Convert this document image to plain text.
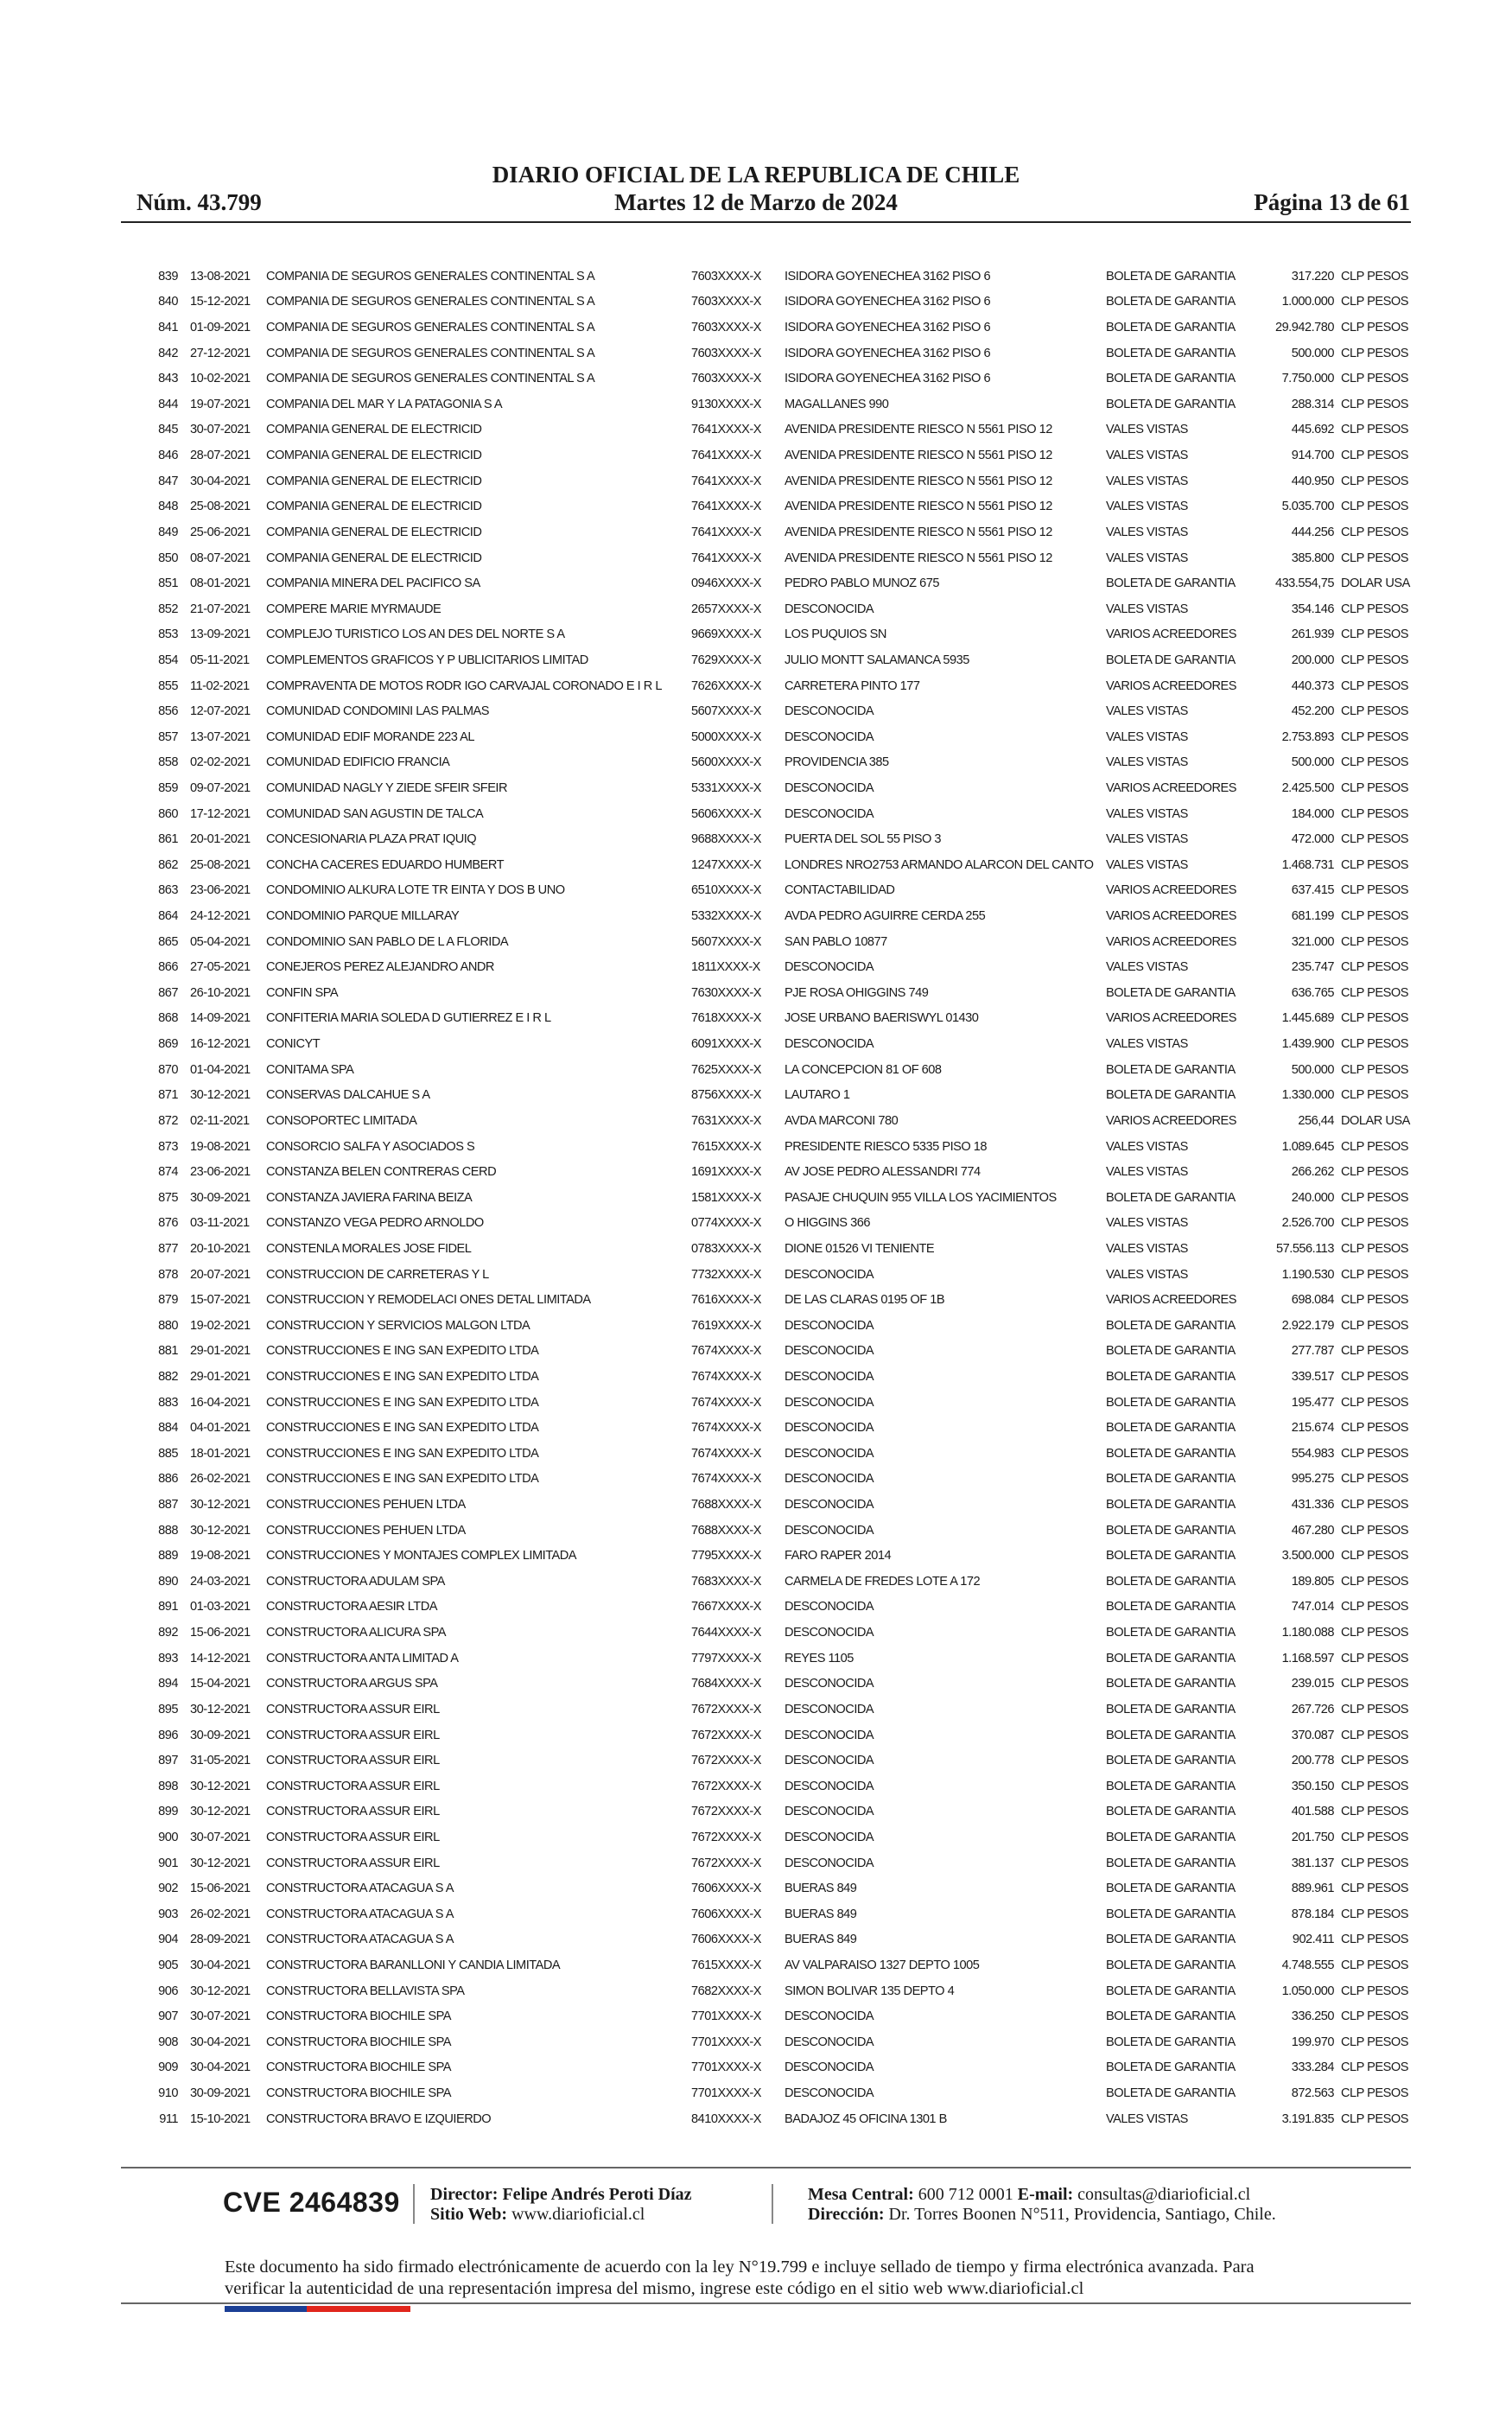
DIARIO OFICIAL DE LA REPUBLICA DE CHILE
Núm. 43.799	Martes 12 de Marzo de 2024	Página 13 de 61
839	13-08-2021	COMPANIA DE SEGUROS GENERALES CONTINENTAL S A	7603XXXX-X	ISIDORA GOYENECHEA 3162 PISO 6	BOLETA DE GARANTIA	317.220	CLP PESOS
840	15-12-2021	COMPANIA DE SEGUROS GENERALES CONTINENTAL S A	7603XXXX-X	ISIDORA GOYENECHEA 3162 PISO 6	BOLETA DE GARANTIA	1.000.000	CLP PESOS
841	01-09-2021	COMPANIA DE SEGUROS GENERALES CONTINENTAL S A	7603XXXX-X	ISIDORA GOYENECHEA 3162 PISO 6	BOLETA DE GARANTIA	29.942.780	CLP PESOS
842	27-12-2021	COMPANIA DE SEGUROS GENERALES CONTINENTAL S A	7603XXXX-X	ISIDORA GOYENECHEA 3162 PISO 6	BOLETA DE GARANTIA	500.000	CLP PESOS
843	10-02-2021	COMPANIA DE SEGUROS GENERALES CONTINENTAL S A	7603XXXX-X	ISIDORA GOYENECHEA 3162 PISO 6	BOLETA DE GARANTIA	7.750.000	CLP PESOS
844	19-07-2021	COMPANIA DEL MAR Y LA PATAGONIA S A	9130XXXX-X	MAGALLANES 990	BOLETA DE GARANTIA	288.314	CLP PESOS
845	30-07-2021	COMPANIA GENERAL DE ELECTRICID	7641XXXX-X	AVENIDA PRESIDENTE RIESCO N 5561 PISO 12	VALES VISTAS	445.692	CLP PESOS
846	28-07-2021	COMPANIA GENERAL DE ELECTRICID	7641XXXX-X	AVENIDA PRESIDENTE RIESCO N 5561 PISO 12	VALES VISTAS	914.700	CLP PESOS
847	30-04-2021	COMPANIA GENERAL DE ELECTRICID	7641XXXX-X	AVENIDA PRESIDENTE RIESCO N 5561 PISO 12	VALES VISTAS	440.950	CLP PESOS
848	25-08-2021	COMPANIA GENERAL DE ELECTRICID	7641XXXX-X	AVENIDA PRESIDENTE RIESCO N 5561 PISO 12	VALES VISTAS	5.035.700	CLP PESOS
849	25-06-2021	COMPANIA GENERAL DE ELECTRICID	7641XXXX-X	AVENIDA PRESIDENTE RIESCO N 5561 PISO 12	VALES VISTAS	444.256	CLP PESOS
850	08-07-2021	COMPANIA GENERAL DE ELECTRICID	7641XXXX-X	AVENIDA PRESIDENTE RIESCO N 5561 PISO 12	VALES VISTAS	385.800	CLP PESOS
851	08-01-2021	COMPANIA MINERA DEL PACIFICO SA	0946XXXX-X	PEDRO PABLO MUNOZ 675	BOLETA DE GARANTIA	433.554,75	DOLAR USA
852	21-07-2021	COMPERE MARIE MYRMAUDE	2657XXXX-X	DESCONOCIDA	VALES VISTAS	354.146	CLP PESOS
853	13-09-2021	COMPLEJO TURISTICO LOS AN DES DEL NORTE S A	9669XXXX-X	LOS PUQUIOS SN	VARIOS ACREEDORES	261.939	CLP PESOS
854	05-11-2021	COMPLEMENTOS GRAFICOS Y P UBLICITARIOS LIMITAD	7629XXXX-X	JULIO MONTT SALAMANCA 5935	BOLETA DE GARANTIA	200.000	CLP PESOS
855	11-02-2021	COMPRAVENTA DE MOTOS RODR IGO CARVAJAL CORONADO E I R L	7626XXXX-X	CARRETERA PINTO 177	VARIOS ACREEDORES	440.373	CLP PESOS
856	12-07-2021	COMUNIDAD CONDOMINI LAS PALMAS	5607XXXX-X	DESCONOCIDA	VALES VISTAS	452.200	CLP PESOS
857	13-07-2021	COMUNIDAD EDIF MORANDE 223 AL	5000XXXX-X	DESCONOCIDA	VALES VISTAS	2.753.893	CLP PESOS
858	02-02-2021	COMUNIDAD EDIFICIO FRANCIA	5600XXXX-X	PROVIDENCIA 385	VALES VISTAS	500.000	CLP PESOS
859	09-07-2021	COMUNIDAD NAGLY Y ZIEDE SFEIR SFEIR	5331XXXX-X	DESCONOCIDA	VARIOS ACREEDORES	2.425.500	CLP PESOS
860	17-12-2021	COMUNIDAD SAN AGUSTIN DE TALCA	5606XXXX-X	DESCONOCIDA	VALES VISTAS	184.000	CLP PESOS
861	20-01-2021	CONCESIONARIA PLAZA PRAT IQUIQ	9688XXXX-X	PUERTA DEL SOL 55 PISO 3	VALES VISTAS	472.000	CLP PESOS
862	25-08-2021	CONCHA CACERES EDUARDO HUMBERT	1247XXXX-X	LONDRES NRO2753 ARMANDO ALARCON DEL CANTO	VALES VISTAS	1.468.731	CLP PESOS
863	23-06-2021	CONDOMINIO ALKURA LOTE TR EINTA Y DOS B UNO	6510XXXX-X	CONTACTABILIDAD	VARIOS ACREEDORES	637.415	CLP PESOS
864	24-12-2021	CONDOMINIO PARQUE MILLARAY	5332XXXX-X	AVDA PEDRO AGUIRRE CERDA 255	VARIOS ACREEDORES	681.199	CLP PESOS
865	05-04-2021	CONDOMINIO SAN PABLO DE L A FLORIDA	5607XXXX-X	SAN PABLO 10877	VARIOS ACREEDORES	321.000	CLP PESOS
866	27-05-2021	CONEJEROS PEREZ ALEJANDRO ANDR	1811XXXX-X	DESCONOCIDA	VALES VISTAS	235.747	CLP PESOS
867	26-10-2021	CONFIN SPA	7630XXXX-X	PJE ROSA OHIGGINS 749	BOLETA DE GARANTIA	636.765	CLP PESOS
868	14-09-2021	CONFITERIA MARIA SOLEDA D GUTIERREZ E I R L	7618XXXX-X	JOSE URBANO BAERISWYL 01430	VARIOS ACREEDORES	1.445.689	CLP PESOS
869	16-12-2021	CONICYT	6091XXXX-X	DESCONOCIDA	VALES VISTAS	1.439.900	CLP PESOS
870	01-04-2021	CONITAMA SPA	7625XXXX-X	LA CONCEPCION 81 OF 608	BOLETA DE GARANTIA	500.000	CLP PESOS
871	30-12-2021	CONSERVAS DALCAHUE S A	8756XXXX-X	LAUTARO 1	BOLETA DE GARANTIA	1.330.000	CLP PESOS
872	02-11-2021	CONSOPORTEC LIMITADA	7631XXXX-X	AVDA MARCONI 780	VARIOS ACREEDORES	256,44	DOLAR USA
873	19-08-2021	CONSORCIO SALFA Y ASOCIADOS S	7615XXXX-X	PRESIDENTE RIESCO 5335 PISO 18	VALES VISTAS	1.089.645	CLP PESOS
874	23-06-2021	CONSTANZA BELEN CONTRERAS CERD	1691XXXX-X	AV JOSE PEDRO ALESSANDRI 774	VALES VISTAS	266.262	CLP PESOS
875	30-09-2021	CONSTANZA JAVIERA FARINA BEIZA	1581XXXX-X	PASAJE CHUQUIN 955 VILLA LOS YACIMIENTOS	BOLETA DE GARANTIA	240.000	CLP PESOS
876	03-11-2021	CONSTANZO VEGA PEDRO ARNOLDO	0774XXXX-X	O HIGGINS 366	VALES VISTAS	2.526.700	CLP PESOS
877	20-10-2021	CONSTENLA MORALES JOSE FIDEL	0783XXXX-X	DIONE 01526 VI TENIENTE	VALES VISTAS	57.556.113	CLP PESOS
878	20-07-2021	CONSTRUCCION DE CARRETERAS Y L	7732XXXX-X	DESCONOCIDA	VALES VISTAS	1.190.530	CLP PESOS
879	15-07-2021	CONSTRUCCION Y REMODELACI ONES DETAL LIMITADA	7616XXXX-X	DE LAS CLARAS 0195 OF 1B	VARIOS ACREEDORES	698.084	CLP PESOS
880	19-02-2021	CONSTRUCCION Y SERVICIOS MALGON LTDA	7619XXXX-X	DESCONOCIDA	BOLETA DE GARANTIA	2.922.179	CLP PESOS
881	29-01-2021	CONSTRUCCIONES E ING SAN EXPEDITO LTDA	7674XXXX-X	DESCONOCIDA	BOLETA DE GARANTIA	277.787	CLP PESOS
882	29-01-2021	CONSTRUCCIONES E ING SAN EXPEDITO LTDA	7674XXXX-X	DESCONOCIDA	BOLETA DE GARANTIA	339.517	CLP PESOS
883	16-04-2021	CONSTRUCCIONES E ING SAN EXPEDITO LTDA	7674XXXX-X	DESCONOCIDA	BOLETA DE GARANTIA	195.477	CLP PESOS
884	04-01-2021	CONSTRUCCIONES E ING SAN EXPEDITO LTDA	7674XXXX-X	DESCONOCIDA	BOLETA DE GARANTIA	215.674	CLP PESOS
885	18-01-2021	CONSTRUCCIONES E ING SAN EXPEDITO LTDA	7674XXXX-X	DESCONOCIDA	BOLETA DE GARANTIA	554.983	CLP PESOS
886	26-02-2021	CONSTRUCCIONES E ING SAN EXPEDITO LTDA	7674XXXX-X	DESCONOCIDA	BOLETA DE GARANTIA	995.275	CLP PESOS
887	30-12-2021	CONSTRUCCIONES PEHUEN LTDA	7688XXXX-X	DESCONOCIDA	BOLETA DE GARANTIA	431.336	CLP PESOS
888	30-12-2021	CONSTRUCCIONES PEHUEN LTDA	7688XXXX-X	DESCONOCIDA	BOLETA DE GARANTIA	467.280	CLP PESOS
889	19-08-2021	CONSTRUCCIONES Y MONTAJES COMPLEX LIMITADA	7795XXXX-X	FARO RAPER 2014	BOLETA DE GARANTIA	3.500.000	CLP PESOS
890	24-03-2021	CONSTRUCTORA ADULAM SPA	7683XXXX-X	CARMELA DE FREDES LOTE A 172	BOLETA DE GARANTIA	189.805	CLP PESOS
891	01-03-2021	CONSTRUCTORA AESIR LTDA	7667XXXX-X	DESCONOCIDA	BOLETA DE GARANTIA	747.014	CLP PESOS
892	15-06-2021	CONSTRUCTORA ALICURA SPA	7644XXXX-X	DESCONOCIDA	BOLETA DE GARANTIA	1.180.088	CLP PESOS
893	14-12-2021	CONSTRUCTORA ANTA LIMITAD A	7797XXXX-X	REYES 1105	BOLETA DE GARANTIA	1.168.597	CLP PESOS
894	15-04-2021	CONSTRUCTORA ARGUS SPA	7684XXXX-X	DESCONOCIDA	BOLETA DE GARANTIA	239.015	CLP PESOS
895	30-12-2021	CONSTRUCTORA ASSUR EIRL	7672XXXX-X	DESCONOCIDA	BOLETA DE GARANTIA	267.726	CLP PESOS
896	30-09-2021	CONSTRUCTORA ASSUR EIRL	7672XXXX-X	DESCONOCIDA	BOLETA DE GARANTIA	370.087	CLP PESOS
897	31-05-2021	CONSTRUCTORA ASSUR EIRL	7672XXXX-X	DESCONOCIDA	BOLETA DE GARANTIA	200.778	CLP PESOS
898	30-12-2021	CONSTRUCTORA ASSUR EIRL	7672XXXX-X	DESCONOCIDA	BOLETA DE GARANTIA	350.150	CLP PESOS
899	30-12-2021	CONSTRUCTORA ASSUR EIRL	7672XXXX-X	DESCONOCIDA	BOLETA DE GARANTIA	401.588	CLP PESOS
900	30-07-2021	CONSTRUCTORA ASSUR EIRL	7672XXXX-X	DESCONOCIDA	BOLETA DE GARANTIA	201.750	CLP PESOS
901	30-12-2021	CONSTRUCTORA ASSUR EIRL	7672XXXX-X	DESCONOCIDA	BOLETA DE GARANTIA	381.137	CLP PESOS
902	15-06-2021	CONSTRUCTORA ATACAGUA S A	7606XXXX-X	BUERAS 849	BOLETA DE GARANTIA	889.961	CLP PESOS
903	26-02-2021	CONSTRUCTORA ATACAGUA S A	7606XXXX-X	BUERAS 849	BOLETA DE GARANTIA	878.184	CLP PESOS
904	28-09-2021	CONSTRUCTORA ATACAGUA S A	7606XXXX-X	BUERAS 849	BOLETA DE GARANTIA	902.411	CLP PESOS
905	30-04-2021	CONSTRUCTORA BARANLLONI Y CANDIA LIMITADA	7615XXXX-X	AV VALPARAISO 1327 DEPTO 1005	BOLETA DE GARANTIA	4.748.555	CLP PESOS
906	30-12-2021	CONSTRUCTORA BELLAVISTA SPA	7682XXXX-X	SIMON BOLIVAR 135 DEPTO 4	BOLETA DE GARANTIA	1.050.000	CLP PESOS
907	30-07-2021	CONSTRUCTORA BIOCHILE SPA	7701XXXX-X	DESCONOCIDA	BOLETA DE GARANTIA	336.250	CLP PESOS
908	30-04-2021	CONSTRUCTORA BIOCHILE SPA	7701XXXX-X	DESCONOCIDA	BOLETA DE GARANTIA	199.970	CLP PESOS
909	30-04-2021	CONSTRUCTORA BIOCHILE SPA	7701XXXX-X	DESCONOCIDA	BOLETA DE GARANTIA	333.284	CLP PESOS
910	30-09-2021	CONSTRUCTORA BIOCHILE SPA	7701XXXX-X	DESCONOCIDA	BOLETA DE GARANTIA	872.563	CLP PESOS
911	15-10-2021	CONSTRUCTORA BRAVO E IZQUIERDO	8410XXXX-X	BADAJOZ 45 OFICINA 1301 B	VALES VISTAS	3.191.835	CLP PESOS
CVE 2464839 Director: Felipe Andrés Peroti Díaz
Sitio Web: www.diarioficial.cl
Mesa Central: 600 712 0001 E-mail: consultas@diarioficial.cl
Dirección: Dr. Torres Boonen N°511, Providencia, Santiago, Chile.
Este documento ha sido firmado electrónicamente de acuerdo con la ley N°19.799 e incluye sellado de tiempo y firma electrónica avanzada. Para verificar la autenticidad de una representación impresa del mismo, ingrese este código en el sitio web www.diarioficial.cl
